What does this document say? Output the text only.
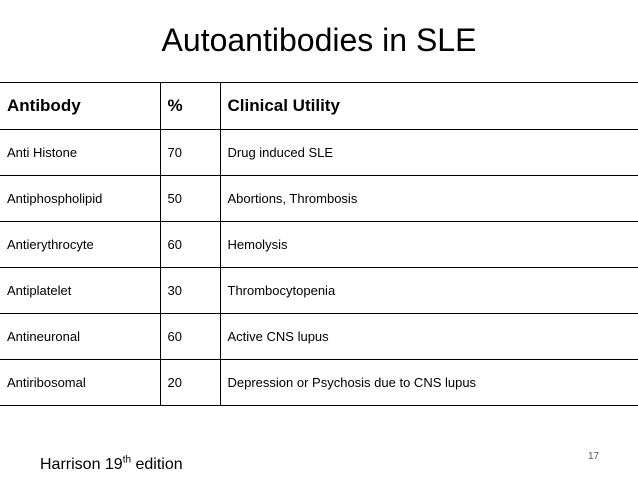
Autoantibodies in SLE
Antibody	%	Clinical Utility
Anti Histone	70	Drug induced SLE
Antiphospholipid	50	Abortions, Thrombosis
Antierythrocyte	60	Hemolysis
Antiplatelet	30	Thrombocytopenia
Antineuronal	60	Active CNS lupus
Antiribosomal	20	Depression or Psychosis due to CNS lupus
Harrison 19th edition	17
